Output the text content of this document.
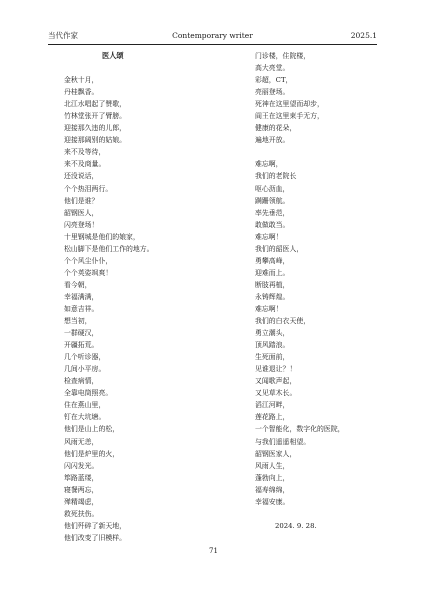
当代作家	Contemporary writer	2025.1
医人颂
金秋十月，
丹桂飘香。
北江水唱起了赞歌，
竹林堂张开了臂膀。
迎接那久违的儿郎，
迎接那阔别的姑娘。
来不及等待，
来不及商量。
还没说话，
个个热泪两行。
他们是谁？
韶钢医人，
闪亮登场！
十里钢城是他们的娘家，
松山脚下是他们工作的地方。
个个风尘仆仆，
个个英姿飒爽！
看今朝，
幸福满满，
如意吉祥。
想当初，
一群硬汉，
开疆拓荒。
几个听诊器，
几间小平房。
检查病情，
全靠电筒照亮。
住在燕山里，
钉在大坑塘。
他们是山上的松，
风雨无恙，
他们是炉里的火，
闪闪发光。
筚路蓝缕，
寝餐两忘，
殚精竭虑，
救死扶伤。
他们歼碎了新天地，
他们改变了旧模样。
门诊楼，住院楼，
高大亮堂。
彩超，CT，
亮丽登场。
死神在这里望而却步，
阎王在这里束手无方，
健康的花朵，
遍地开放。
难忘啊，
我们的老院长
呕心沥血，
蹒跚领航。
率先垂范，
敢做敢当。
难忘啊！
我们的韶医人，
勇攀高峰，
迎难而上。
断肢再植，
永铸辉煌。
难忘啊！
我们的白衣天使，
勇立潮头，
顶风踏浪。
生死面前，
见谁退让？！
又闻歌声起，
又见草木长。
滔江河畔，
莲花路上，
一个智能化，数字化的医院，
与我们遥遥相望。
韶钢医家人，
风雨人生，
蓬勃向上，
福寿绵绵，
幸福安康。
2024. 9. 28.
71
